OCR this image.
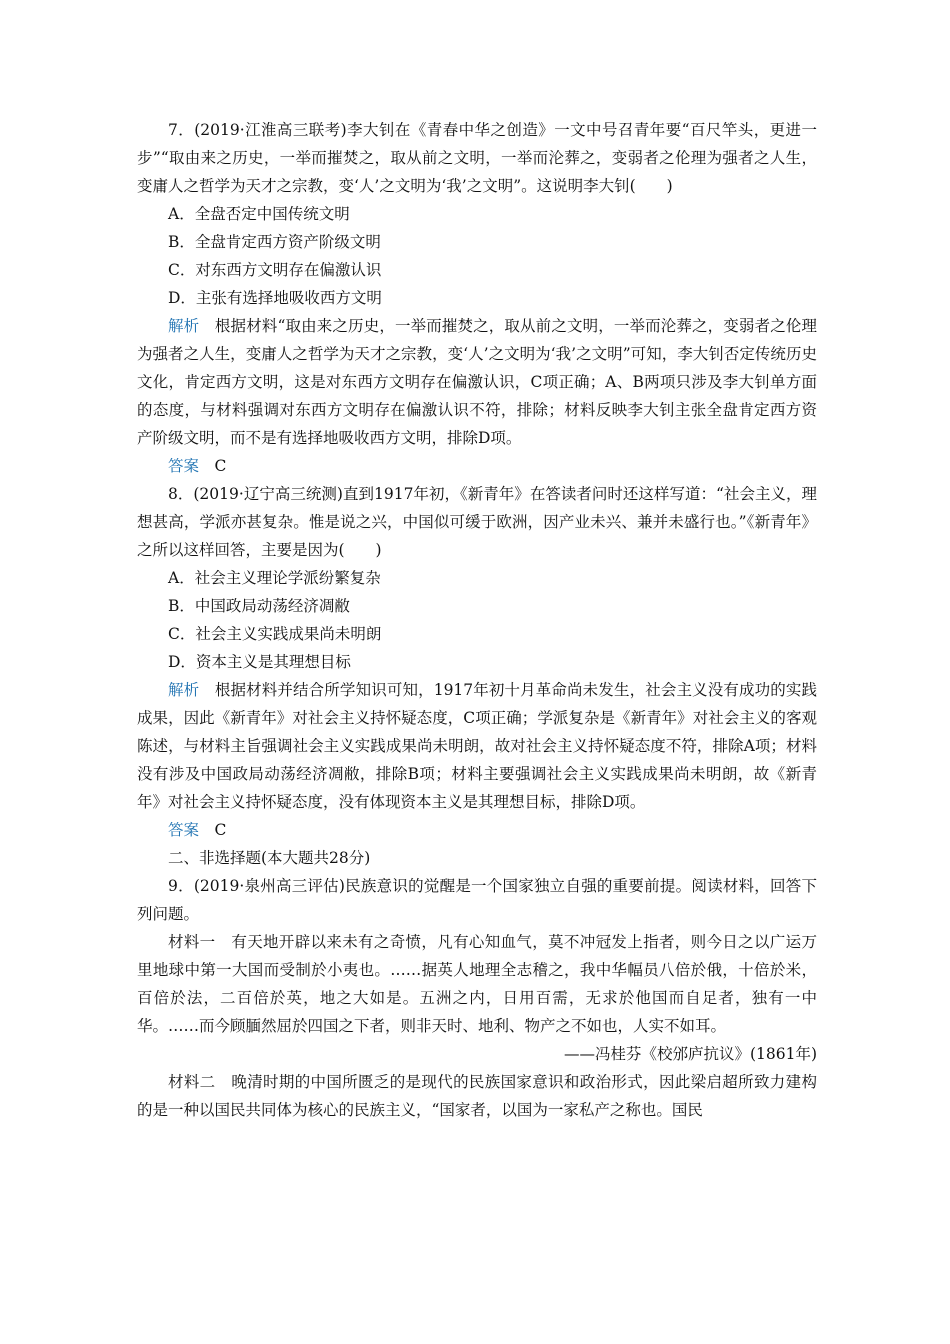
7．(2019·江淮高三联考)李大钊在《青春中华之创造》一文中号召青年要“百尺竿头，更进一步”“取由来之历史，一举而摧焚之，取从前之文明，一举而沦葬之，变弱者之伦理为强者之人生，变庸人之哲学为天才之宗教，变‘人’之文明为‘我’之文明”。这说明李大钊(　　)

A．全盘否定中国传统文明

B．全盘肯定西方资产阶级文明

C．对东西方文明存在偏激认识

D．主张有选择地吸收西方文明

解析　 根据材料“取由来之历史，一举而摧焚之，取从前之文明，一举而沦葬之，变弱者之伦理为强者之人生，变庸人之哲学为天才之宗教，变‘人’之文明为‘我’之文明”可知，李大钊否定传统历史文化，肯定西方文明，这是对东西方文明存在偏激认识，C项正确；A、B两项只涉及李大钊单方面的态度，与材料强调对东西方文明存在偏激认识不符，排除；材料反映李大钊主张全盘肯定西方资产阶级文明，而不是有选择地吸收西方文明，排除D项。

答案　 C

8．(2019·辽宁高三统测)直到1917年初，《新青年》在答读者问时还这样写道：“社会主义，理想甚高，学派亦甚复杂。惟是说之兴，中国似可缓于欧洲，因产业未兴、兼并未盛行也。”《新青年》之所以这样回答，主要是因为(　　)

A．社会主义理论学派纷繁复杂

B．中国政局动荡经济凋敝

C．社会主义实践成果尚未明朗

D．资本主义是其理想目标

解析　 根据材料并结合所学知识可知，1917年初十月革命尚未发生，社会主义没有成功的实践成果，因此《新青年》对社会主义持怀疑态度，C项正确；学派复杂是《新青年》对社会主义的客观陈述，与材料主旨强调社会主义实践成果尚未明朗，故对社会主义持怀疑态度不符，排除A项；材料没有涉及中国政局动荡经济凋敝，排除B项；材料主要强调社会主义实践成果尚未明朗，故《新青年》对社会主义持怀疑态度，没有体现资本主义是其理想目标，排除D项。

答案　 C

二、非选择题(本大题共28分)

9．(2019·泉州高三评估)民族意识的觉醒是一个国家独立自强的重要前提。阅读材料，回答下列问题。

材料一　 有天地开辟以来未有之奇愤，凡有心知血气，莫不冲冠发上指者，则今日之以广运万里地球中第一大国而受制於小夷也。……据英人地理全志稽之，我中华幅员八倍於俄，十倍於米，百倍於法，二百倍於英，地之大如是。五洲之内，日用百需，无求於他国而自足者，独有一中华。……而今顾腼然屈於四国之下者，则非天时、地利、物产之不如也，人实不如耳。

——冯桂芬《校邠庐抗议》(1861年)

材料二　 晚清时期的中国所匮乏的是现代的民族国家意识和政治形式，因此梁启超所致力建构的是一种以国民共同体为核心的民族主义，“国家者，以国为一家私产之称也。国民
